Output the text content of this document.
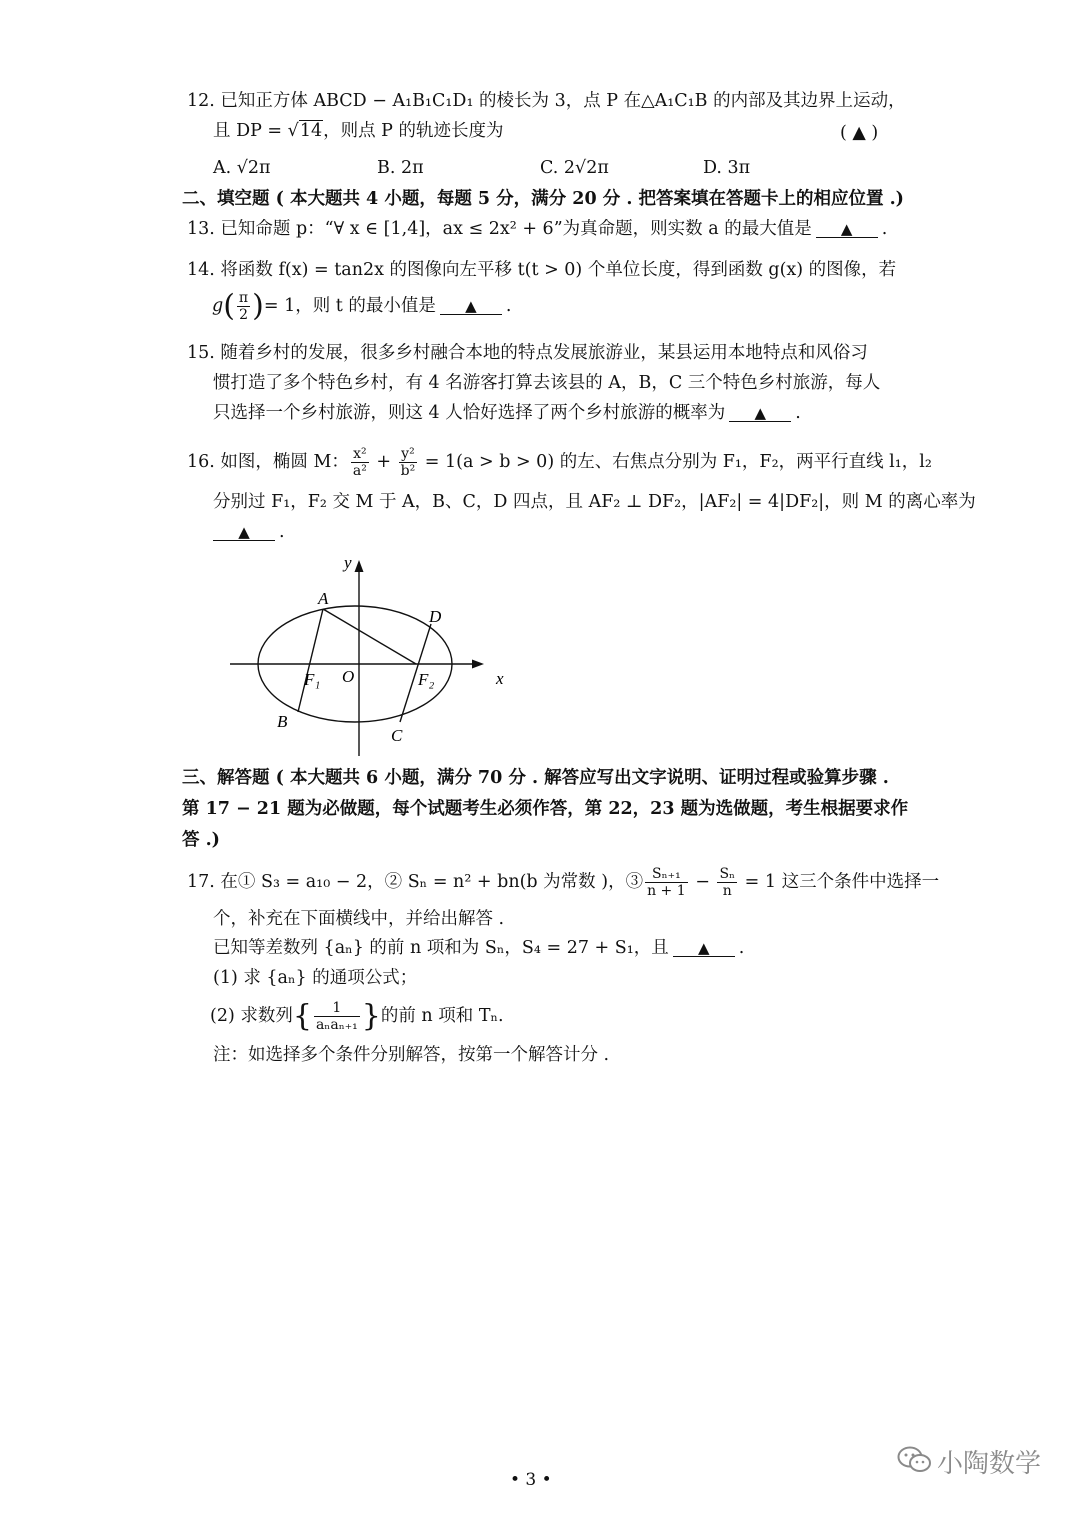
12. 已知正方体 ABCD − A₁B₁C₁D₁ 的棱长为 3，点 P 在△A₁C₁B 的内部及其边界上运动，
且 DP = √14，则点 P 的轨迹长度为	( ▲ )
A. √2π	B. 2π	C. 2√2π	D. 3π
二、填空题 ( 本大题共 4 小题，每题 5 分，满分 20 分 . 把答案填在答题卡上的相应位置 .)
13. 已知命题 p：“∀ x ∈ [1,4]，ax ≤ 2x² + 6”为真命题，则实数 a 的最大值是 ▲ .
14. 将函数 f(x) = tan2x 的图像向左平移 t(t > 0) 个单位长度，得到函数 g(x) 的图像，若
$g( \frac{\pi}{2}$ )= 1，则 t 的最小值是 ▲ .
15. 随着乡村的发展，很多乡村融合本地的特点发展旅游业，某县运用本地特点和风俗习
惯打造了多个特色乡村，有 4 名游客打算去该县的 A，B，C 三个特色乡村旅游，每人
只选择一个乡村旅游，则这 4 人恰好选择了两个乡村旅游的概率为 ▲ .
16. 如图，椭圆 M： $\frac{\text{x²}}{\text{a²}} + \frac{\text{y²}}{\text{b²}} = 1(a > b > 0)$ 的左、右焦点分别为 F₁，F₂，两平行直线 l₁，l₂
分别过 F₁，F₂ 交 M 于 A，B、C，D 四点，且 AF₂ ⊥ DF₂，|AF₂| = 4|DF₂|，则 M 的离心率为
▲ .
y
x
A
D
F₁ O	F₂
B
C
三、解答题 ( 本大题共 6 小题，满分 70 分 . 解答应写出文字说明、证明过程或验算步骤 .
第 17 − 21 题为必做题，每个试题考生必须作答，第 22，23 题为选做题，考生根据要求作
答 .)
17. 在① S₃ = a₁₀ − 2，② Sₙ = n² + bn(b 为常数 )，③ $\frac{\text{Sₙ₊₁}}{n + 1} - \frac{\text{Sₙ}}{n} = 1$ 这三个条件中选择一
个，补充在下面横线中，并给出解答 .
已知等差数列 {aₙ} 的前 n 项和为 Sₙ，S₄ = 27 + S₁，且 ▲ .
(1) 求 {aₙ} 的通项公式；
(2) 求数列{ $\frac{1}{\text{aₙaₙ₊₁}}$ }的前 n 项和 Tₙ.
注：如选择多个条件分别解答，按第一个解答计分 .
• 3 •
小陶数学
